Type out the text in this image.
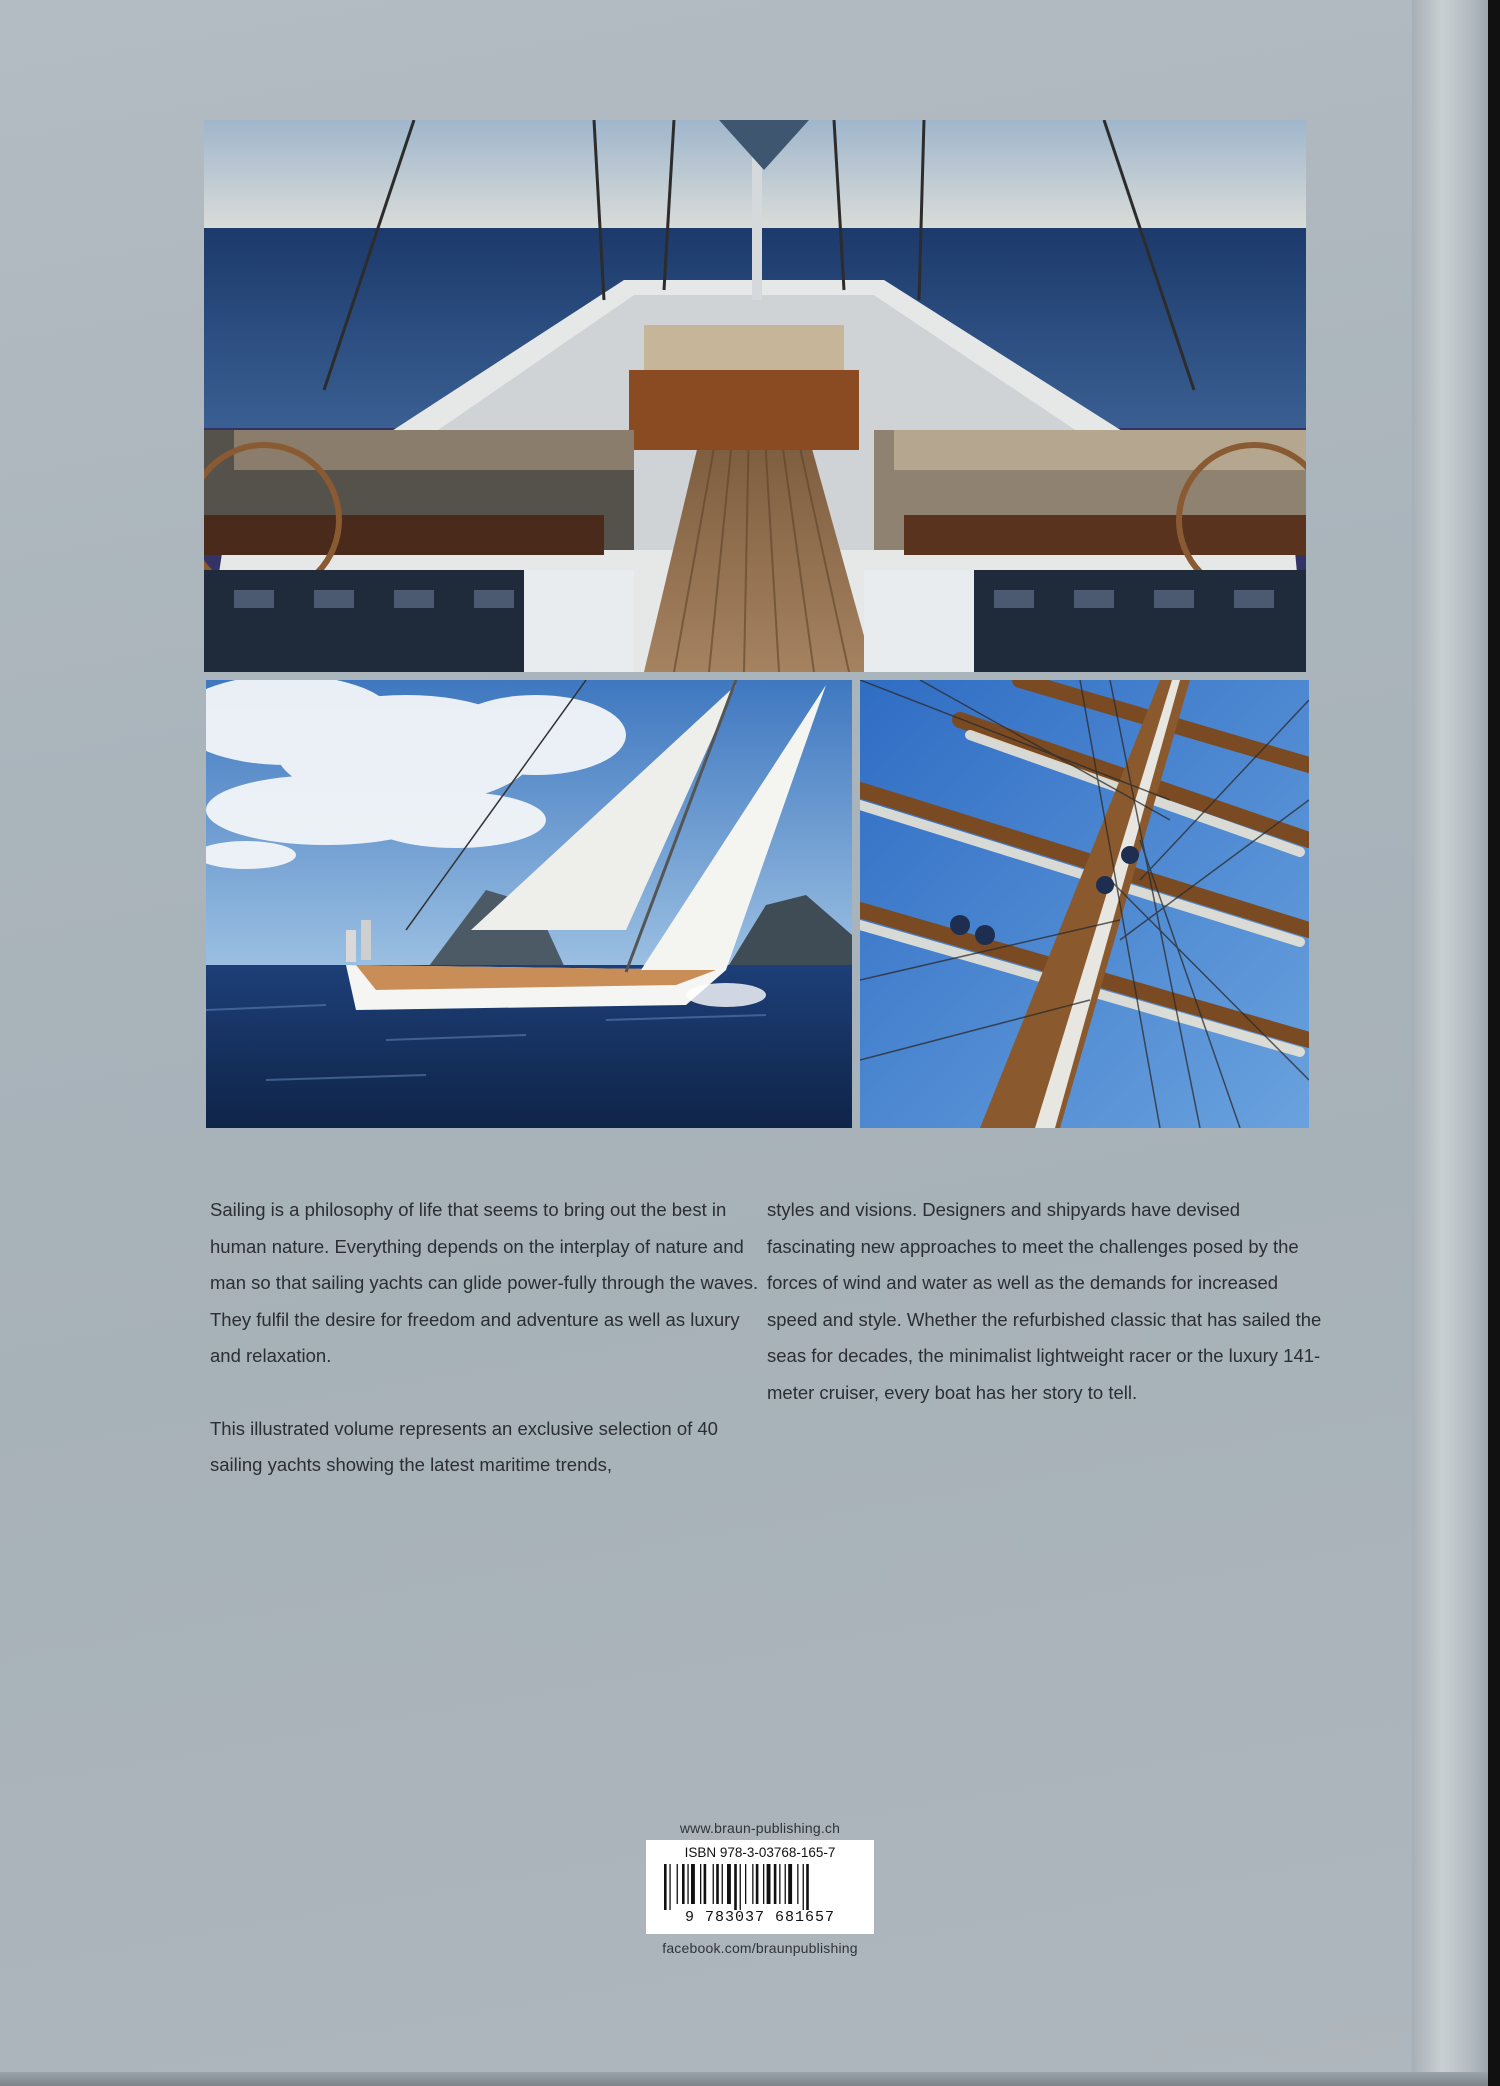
Sailing is a philosophy of life that seems to bring out the best in human nature. Everything depends on the interplay of nature and man so that sailing yachts can glide power-fully through the waves. They fulfil the desire for freedom and adventure as well as luxury and relaxation.

This illustrated volume represents an exclusive selection of 40 sailing yachts showing the latest maritime trends,

styles and visions. Designers and shipyards have devised fascinating new approaches to meet the challenges posed by the forces of wind and water as well as the demands for increased speed and style. Whether the refurbished classic that has sailed the seas for decades, the minimalist lightweight racer or the luxury 141-meter cruiser, every boat has her story to tell.

www.braun-publishing.ch
ISBN 978-3-03768-165-7
9 783037 681657
facebook.com/braunpublishing
